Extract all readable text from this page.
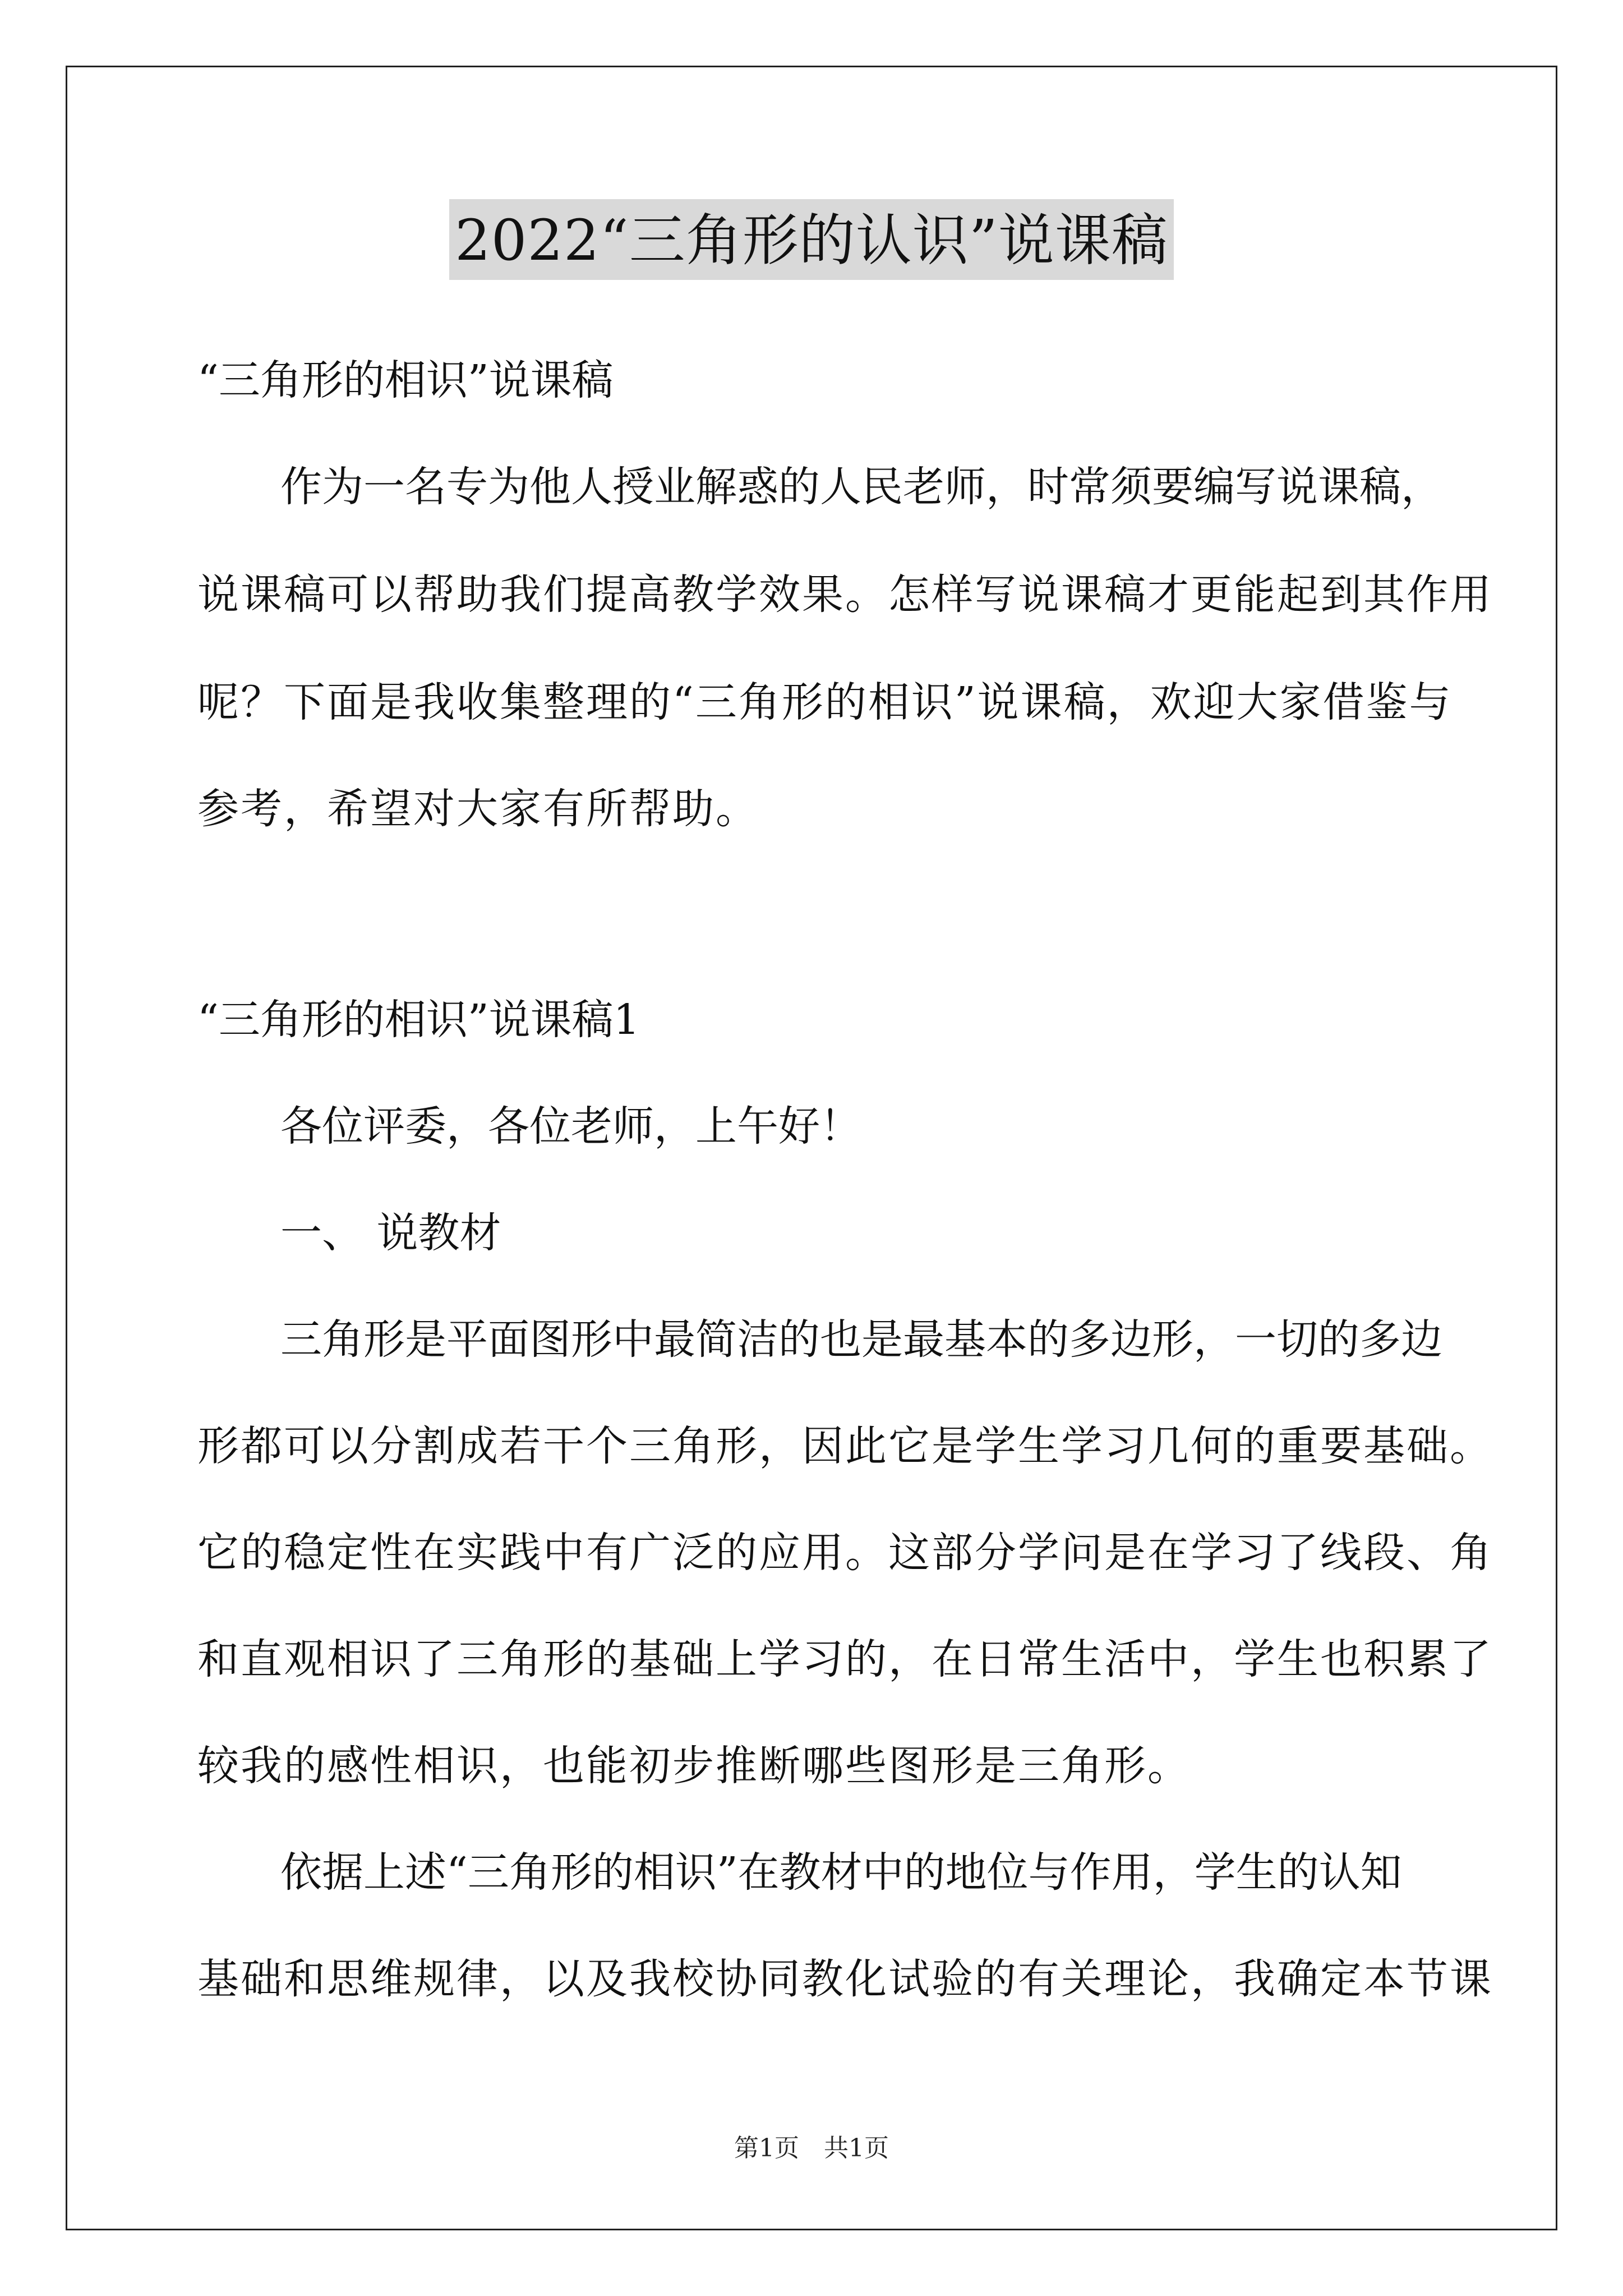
2022“三角形的认识”说课稿
“三角形的相识”说课稿
作为一名专为他人授业解惑的人民老师，时常须要编写说课稿，
说课稿可以帮助我们提高教学效果。怎样写说课稿才更能起到其作用
呢？下面是我收集整理的“三角形的相识”说课稿，欢迎大家借鉴与
参考，希望对大家有所帮助。
“三角形的相识”说课稿1
各位评委，各位老师，上午好！
一、 说教材
三角形是平面图形中最简洁的也是最基本的多边形，一切的多边
形都可以分割成若干个三角形，因此它是学生学习几何的重要基础。
它的稳定性在实践中有广泛的应用。这部分学问是在学习了线段、角
和直观相识了三角形的基础上学习的，在日常生活中，学生也积累了
较我的感性相识，也能初步推断哪些图形是三角形。
依据上述“三角形的相识”在教材中的地位与作用，学生的认知
基础和思维规律，以及我校协同教化试验的有关理论，我确定本节课
第1页　共1页
